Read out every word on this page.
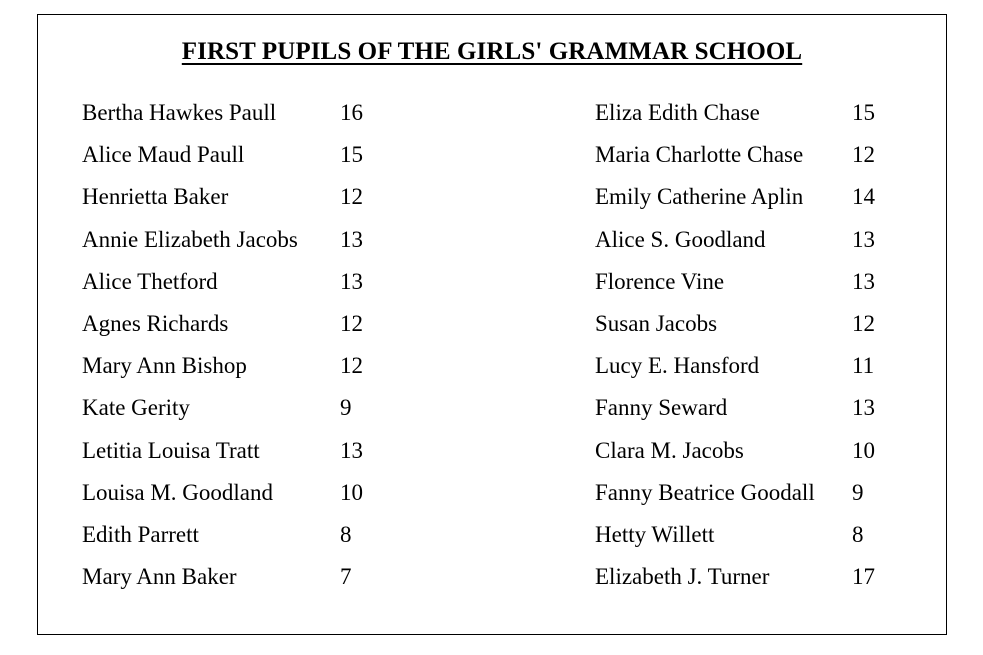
FIRST PUPILS OF THE GIRLS' GRAMMAR SCHOOL
Bertha Hawkes Paull	16
Alice Maud Paull	15
Henrietta Baker	12
Annie Elizabeth Jacobs 13
Alice Thetford	13
Agnes Richards	12
Mary Ann Bishop	12
Kate Gerity	9
Letitia Louisa Tratt	13
Louisa M. Goodland	10
Edith Parrett	8
Mary Ann Baker	7
Eliza Edith Chase	15
Maria Charlotte Chase 12
Emily Catherine Aplin 14
Alice S. Goodland	13
Florence Vine	13
Susan Jacobs	12
Lucy E. Hansford	11
Fanny Seward	13
Clara M. Jacobs	10
Fanny Beatrice Goodall 9
Hetty Willett	8
Elizabeth J. Turner	17
